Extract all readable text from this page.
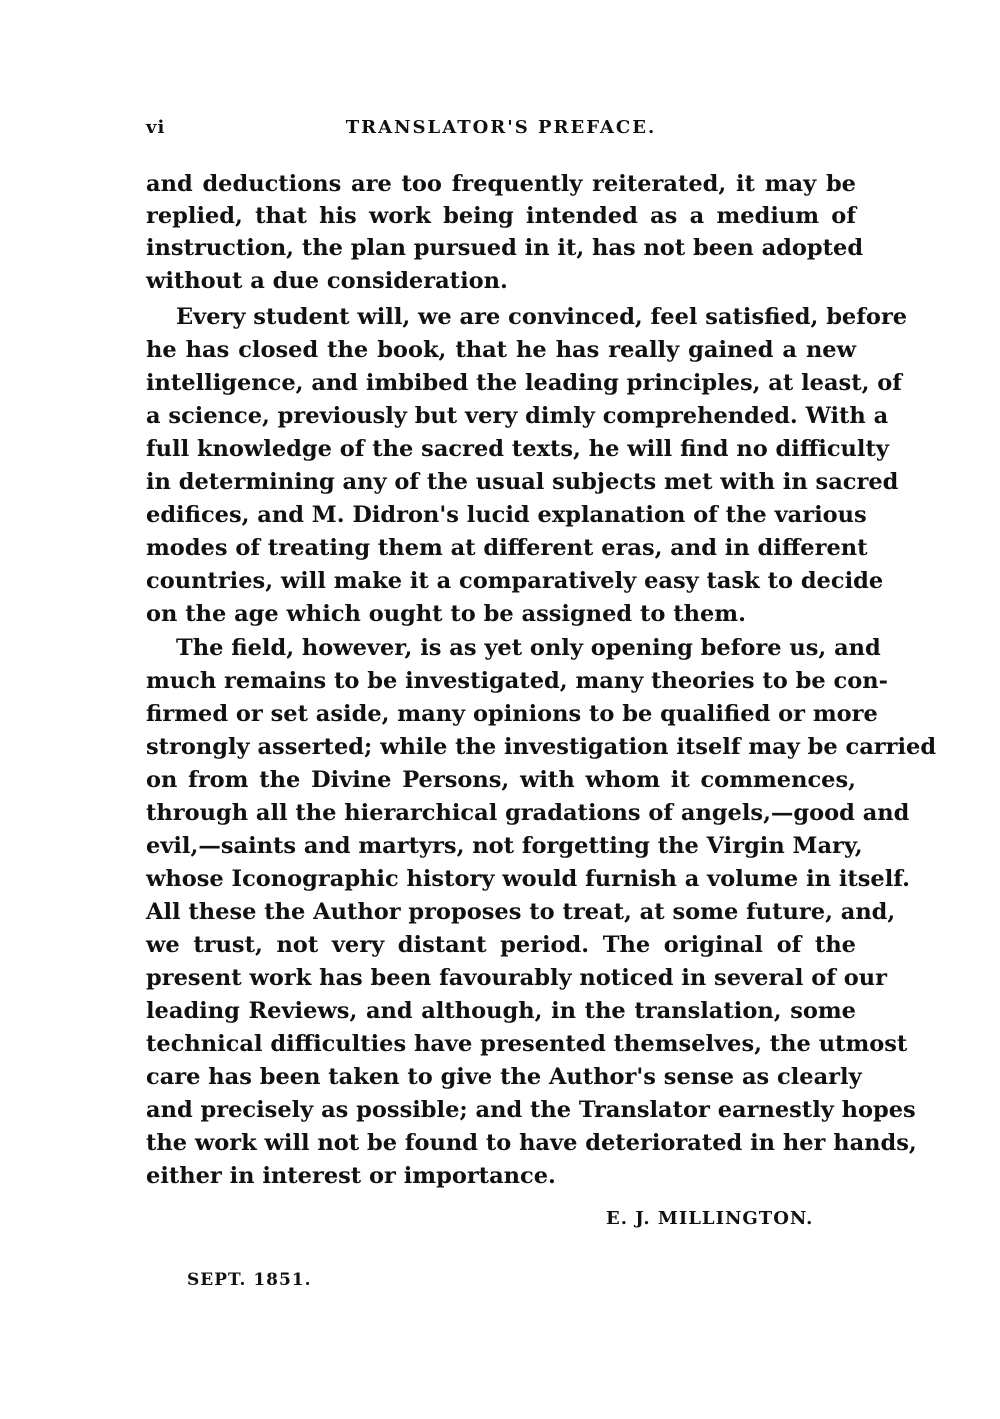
vi	TRANSLATOR'S PREFACE.
and deductions are too frequently reiterated, it may be
replied, that his work being intended as a medium of
instruction, the plan pursued in it, has not been adopted
without a due consideration.
Every student will, we are convinced, feel satisfied, before
he has closed the book, that he has really gained a new
intelligence, and imbibed the leading principles, at least, of
a science, previously but very dimly comprehended. With a
full knowledge of the sacred texts, he will find no difficulty
in determining any of the usual subjects met with in sacred
edifices, and M. Didron's lucid explanation of the various
modes of treating them at different eras, and in different
countries, will make it a comparatively easy task to decide
on the age which ought to be assigned to them.
The field, however, is as yet only opening before us, and
much remains to be investigated, many theories to be con-
firmed or set aside, many opinions to be qualified or more
strongly asserted; while the investigation itself may be carried
on from the Divine Persons, with whom it commences,
through all the hierarchical gradations of angels,—good and
evil,—saints and martyrs, not forgetting the Virgin Mary,
whose Iconographic history would furnish a volume in itself.
All these the Author proposes to treat, at some future, and,
we trust, not very distant period. The original of the
present work has been favourably noticed in several of our
leading Reviews, and although, in the translation, some
technical difficulties have presented themselves, the utmost
care has been taken to give the Author's sense as clearly
and precisely as possible; and the Translator earnestly hopes
the work will not be found to have deteriorated in her hands,
either in interest or importance.
E. J. MILLINGTON.
SEPT. 1851.
